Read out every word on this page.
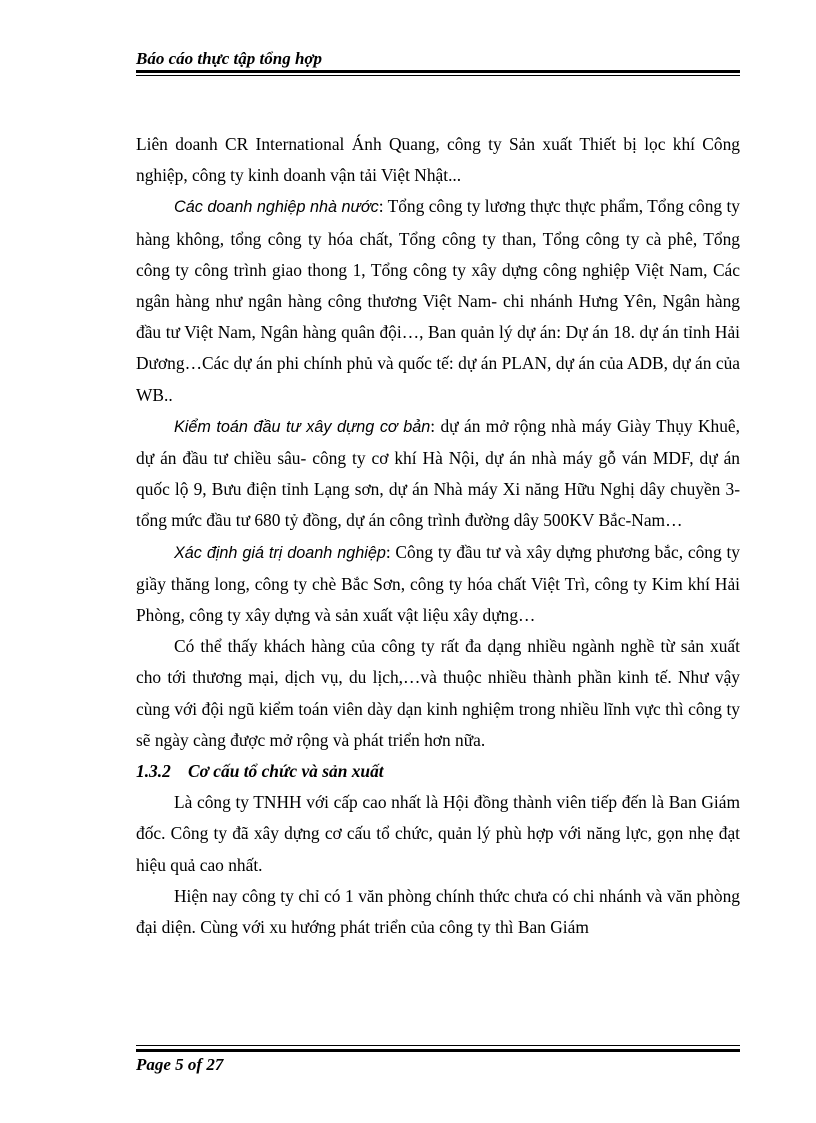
Báo cáo thực tập tổng hợp

Liên doanh CR International Ánh Quang, công ty Sản xuất Thiết bị lọc khí Công nghiệp, công ty kinh doanh vận tải Việt Nhật...

Các doanh nghiệp nhà nước: Tổng công ty lương thực thực phẩm, Tổng công ty hàng không, tổng công ty hóa chất, Tổng công ty than, Tổng công ty cà phê, Tổng công ty công trình giao thong 1, Tổng công ty xây dựng công nghiệp Việt Nam, Các ngân hàng như ngân hàng công thương Việt Nam- chi nhánh Hưng Yên, Ngân hàng đầu tư Việt Nam, Ngân hàng quân đội…, Ban quản lý dự án: Dự án 18. dự án tỉnh Hải Dương…Các dự án phi chính phủ và quốc tế: dự án PLAN, dự án của ADB, dự án của WB..

Kiểm toán đầu tư xây dựng cơ bản: dự án mở rộng nhà máy Giày Thụy Khuê, dự án đầu tư chiều sâu- công ty cơ khí Hà Nội, dự án nhà máy gỗ ván MDF, dự án quốc lộ 9, Bưu điện tỉnh Lạng sơn, dự án Nhà máy Xi năng Hữu Nghị dây chuyền 3-tổng mức đầu tư 680 tỷ đồng, dự án công trình đường dây 500KV Bắc-Nam…

Xác định giá trị doanh nghiệp: Công ty đầu tư và xây dựng phương bắc, công ty giầy thăng long, công ty chè Bắc Sơn, công ty hóa chất Việt Trì, công ty Kim khí Hải Phòng, công ty xây dựng và sản xuất vật liệu xây dựng…

Có thể thấy khách hàng của công ty rất đa dạng nhiều ngành nghề từ sản xuất cho tới thương mại, dịch vụ, du lịch,…và thuộc nhiều thành phần kinh tế. Như vậy cùng với đội ngũ kiểm toán viên dày dạn kinh nghiệm trong nhiều lĩnh vực thì công ty sẽ ngày càng được mở rộng và phát triển hơn nữa.

1.3.2 Cơ cấu tổ chức và sản xuất

Là công ty TNHH với cấp cao nhất là Hội đồng thành viên tiếp đến là Ban Giám đốc. Công ty đã xây dựng cơ cấu tổ chức, quản lý phù hợp với năng lực, gọn nhẹ đạt hiệu quả cao nhất.

Hiện nay công ty chỉ có 1 văn phòng chính thức chưa có chi nhánh và văn phòng đại diện. Cùng với xu hướng phát triển của công ty thì Ban Giám

Page 5 of 27
